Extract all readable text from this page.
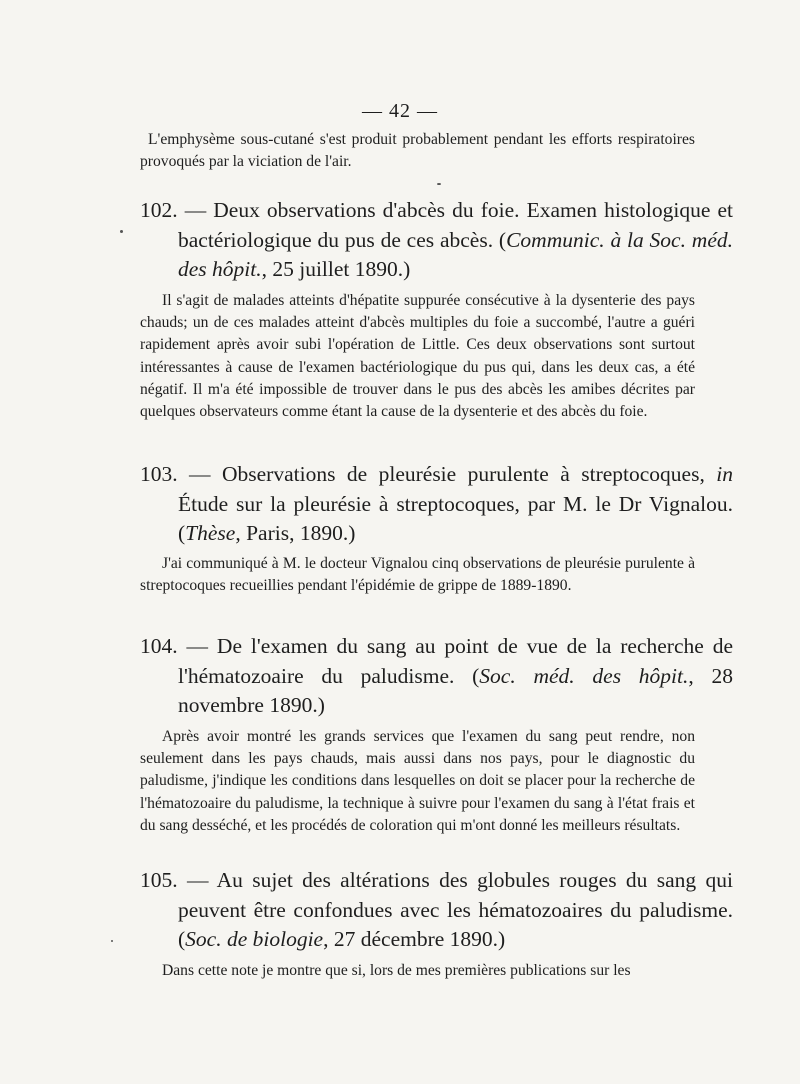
— 42 —
L'emphysème sous-cutané s'est produit probablement pendant les efforts respiratoires provoqués par la viciation de l'air.
102. — Deux observations d'abcès du foie. Examen histologique et bactériologique du pus de ces abcès. (Communic. à la Soc. méd. des hôpit., 25 juillet 1890.)
Il s'agit de malades atteints d'hépatite suppurée consécutive à la dysenterie des pays chauds; un de ces malades atteint d'abcès multiples du foie a succombé, l'autre a guéri rapidement après avoir subi l'opération de Little. Ces deux observations sont surtout intéressantes à cause de l'examen bactériologique du pus qui, dans les deux cas, a été négatif. Il m'a été impossible de trouver dans le pus des abcès les amibes décrites par quelques observateurs comme étant la cause de la dysenterie et des abcès du foie.
103. — Observations de pleurésie purulente à streptocoques, in Étude sur la pleurésie à streptocoques, par M. le Dr Vignalou. (Thèse, Paris, 1890.)
J'ai communiqué à M. le docteur Vignalou cinq observations de pleurésie purulente à streptocoques recueillies pendant l'épidémie de grippe de 1889-1890.
104. — De l'examen du sang au point de vue de la recherche de l'hématozoaire du paludisme. (Soc. méd. des hôpit., 28 novembre 1890.)
Après avoir montré les grands services que l'examen du sang peut rendre, non seulement dans les pays chauds, mais aussi dans nos pays, pour le diagnostic du paludisme, j'indique les conditions dans lesquelles on doit se placer pour la recherche de l'hématozoaire du paludisme, la technique à suivre pour l'examen du sang à l'état frais et du sang desséché, et les procédés de coloration qui m'ont donné les meilleurs résultats.
105. — Au sujet des altérations des globules rouges du sang qui peuvent être confondues avec les hématozoaires du paludisme. (Soc. de biologie, 27 décembre 1890.)
Dans cette note je montre que si, lors de mes premières publications sur les
